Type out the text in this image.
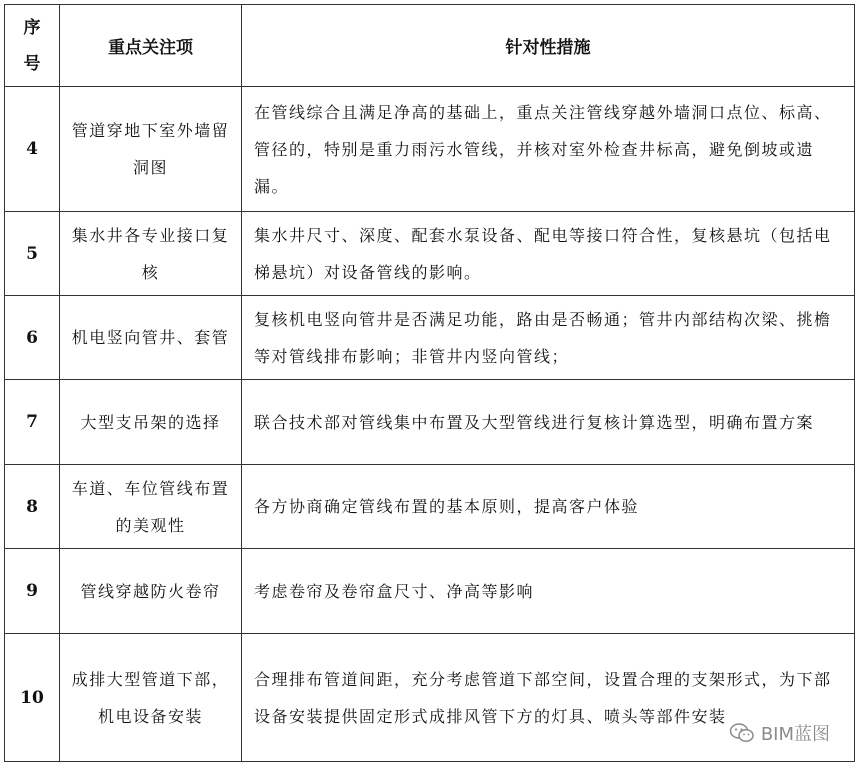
序
号	重点关注项	针对性措施
4	管道穿地下室外墙留洞图	在管线综合且满足净高的基础上，重点关注管线穿越外墙洞口点位、标高、管径的，特别是重力雨污水管线，并核对室外检查井标高，避免倒坡或遗漏。
5	集水井各专业接口复核	集水井尺寸、深度、配套水泵设备、配电等接口符合性，复核悬坑（包括电梯悬坑）对设备管线的影响。
6	机电竖向管井、套管	复核机电竖向管井是否满足功能，路由是否畅通；管井内部结构次梁、挑檐等对管线排布影响；非管井内竖向管线；
7	大型支吊架的选择	联合技术部对管线集中布置及大型管线进行复核计算选型，明确布置方案
8	车道、车位管线布置的美观性	各方协商确定管线布置的基本原则，提高客户体验
9	管线穿越防火卷帘	考虑卷帘及卷帘盒尺寸、净高等影响
10	成排大型管道下部，机电设备安装	合理排布管道间距，充分考虑管道下部空间，设置合理的支架形式，为下部设备安装提供固定形式成排风管下方的灯具、喷头等部件安装
BIM蓝图
